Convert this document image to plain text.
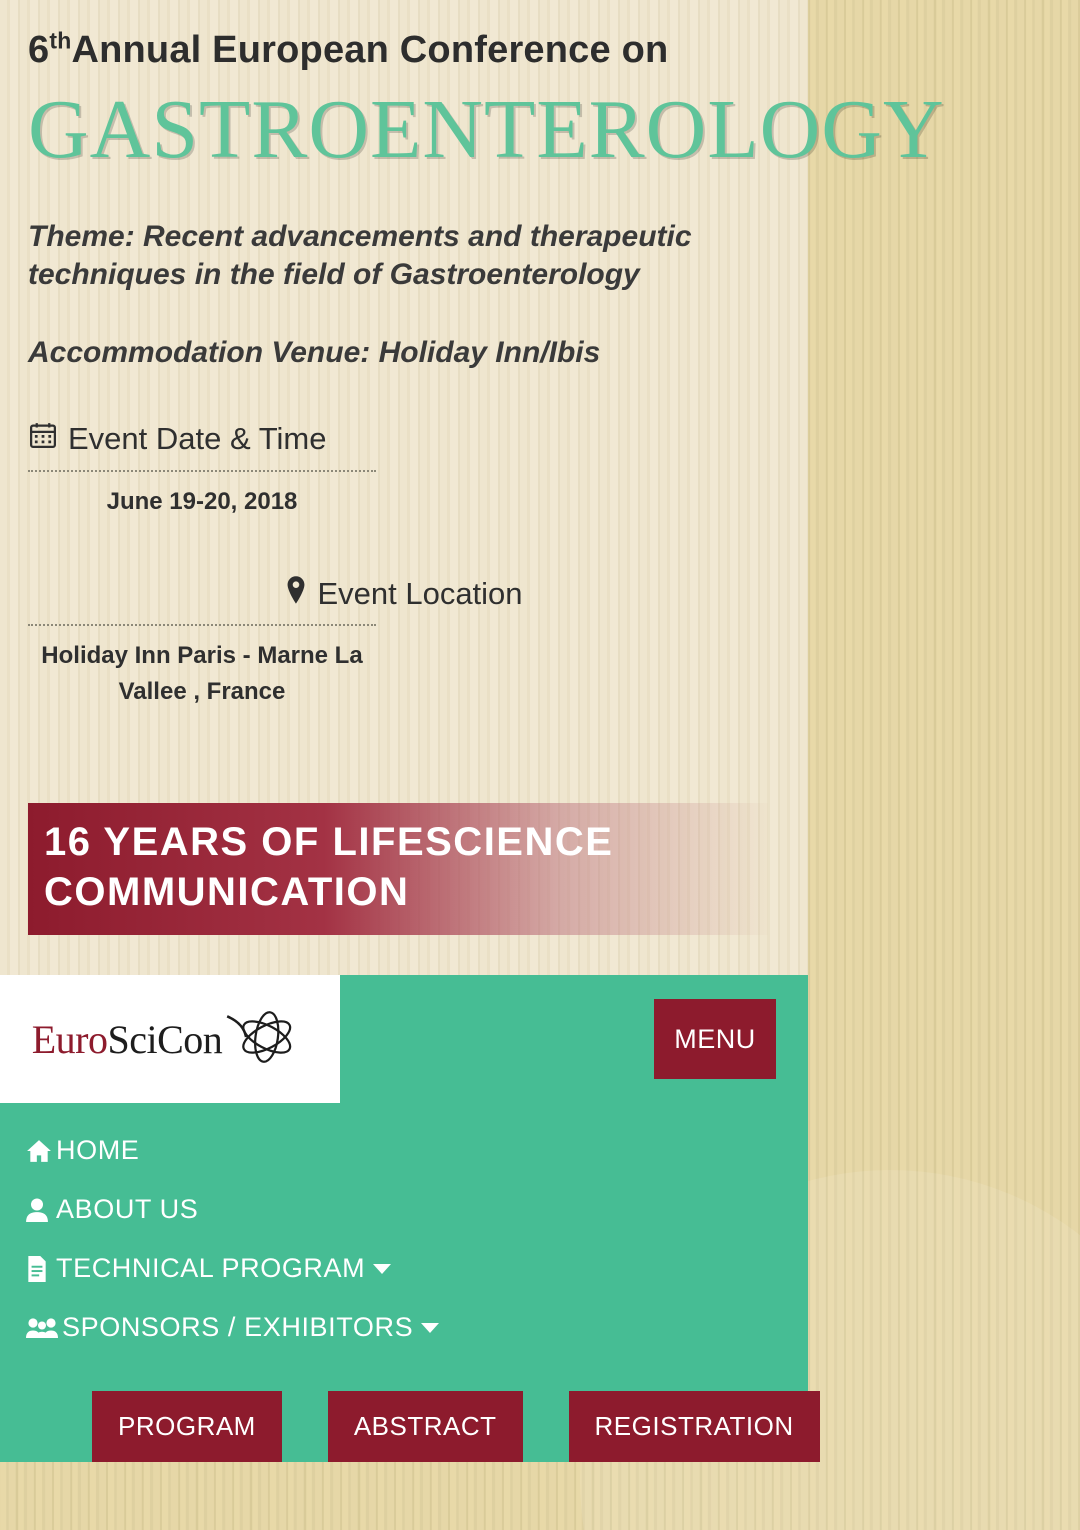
6thAnnual European Conference on
GASTROENTEROLOGY
Theme: Recent advancements and therapeutic techniques in the field of Gastroenterology
Accommodation Venue: Holiday Inn/Ibis
Event Date & Time
June 19-20, 2018
Event Location
Holiday Inn Paris - Marne La Vallee , France
16 YEARS OF LIFESCIENCE COMMUNICATION
EuroSciCon	MENU
HOME
ABOUT US
TECHNICAL PROGRAM
SPONSORS / EXHIBITORS
PROGRAM	ABSTRACT	REGISTRATION
